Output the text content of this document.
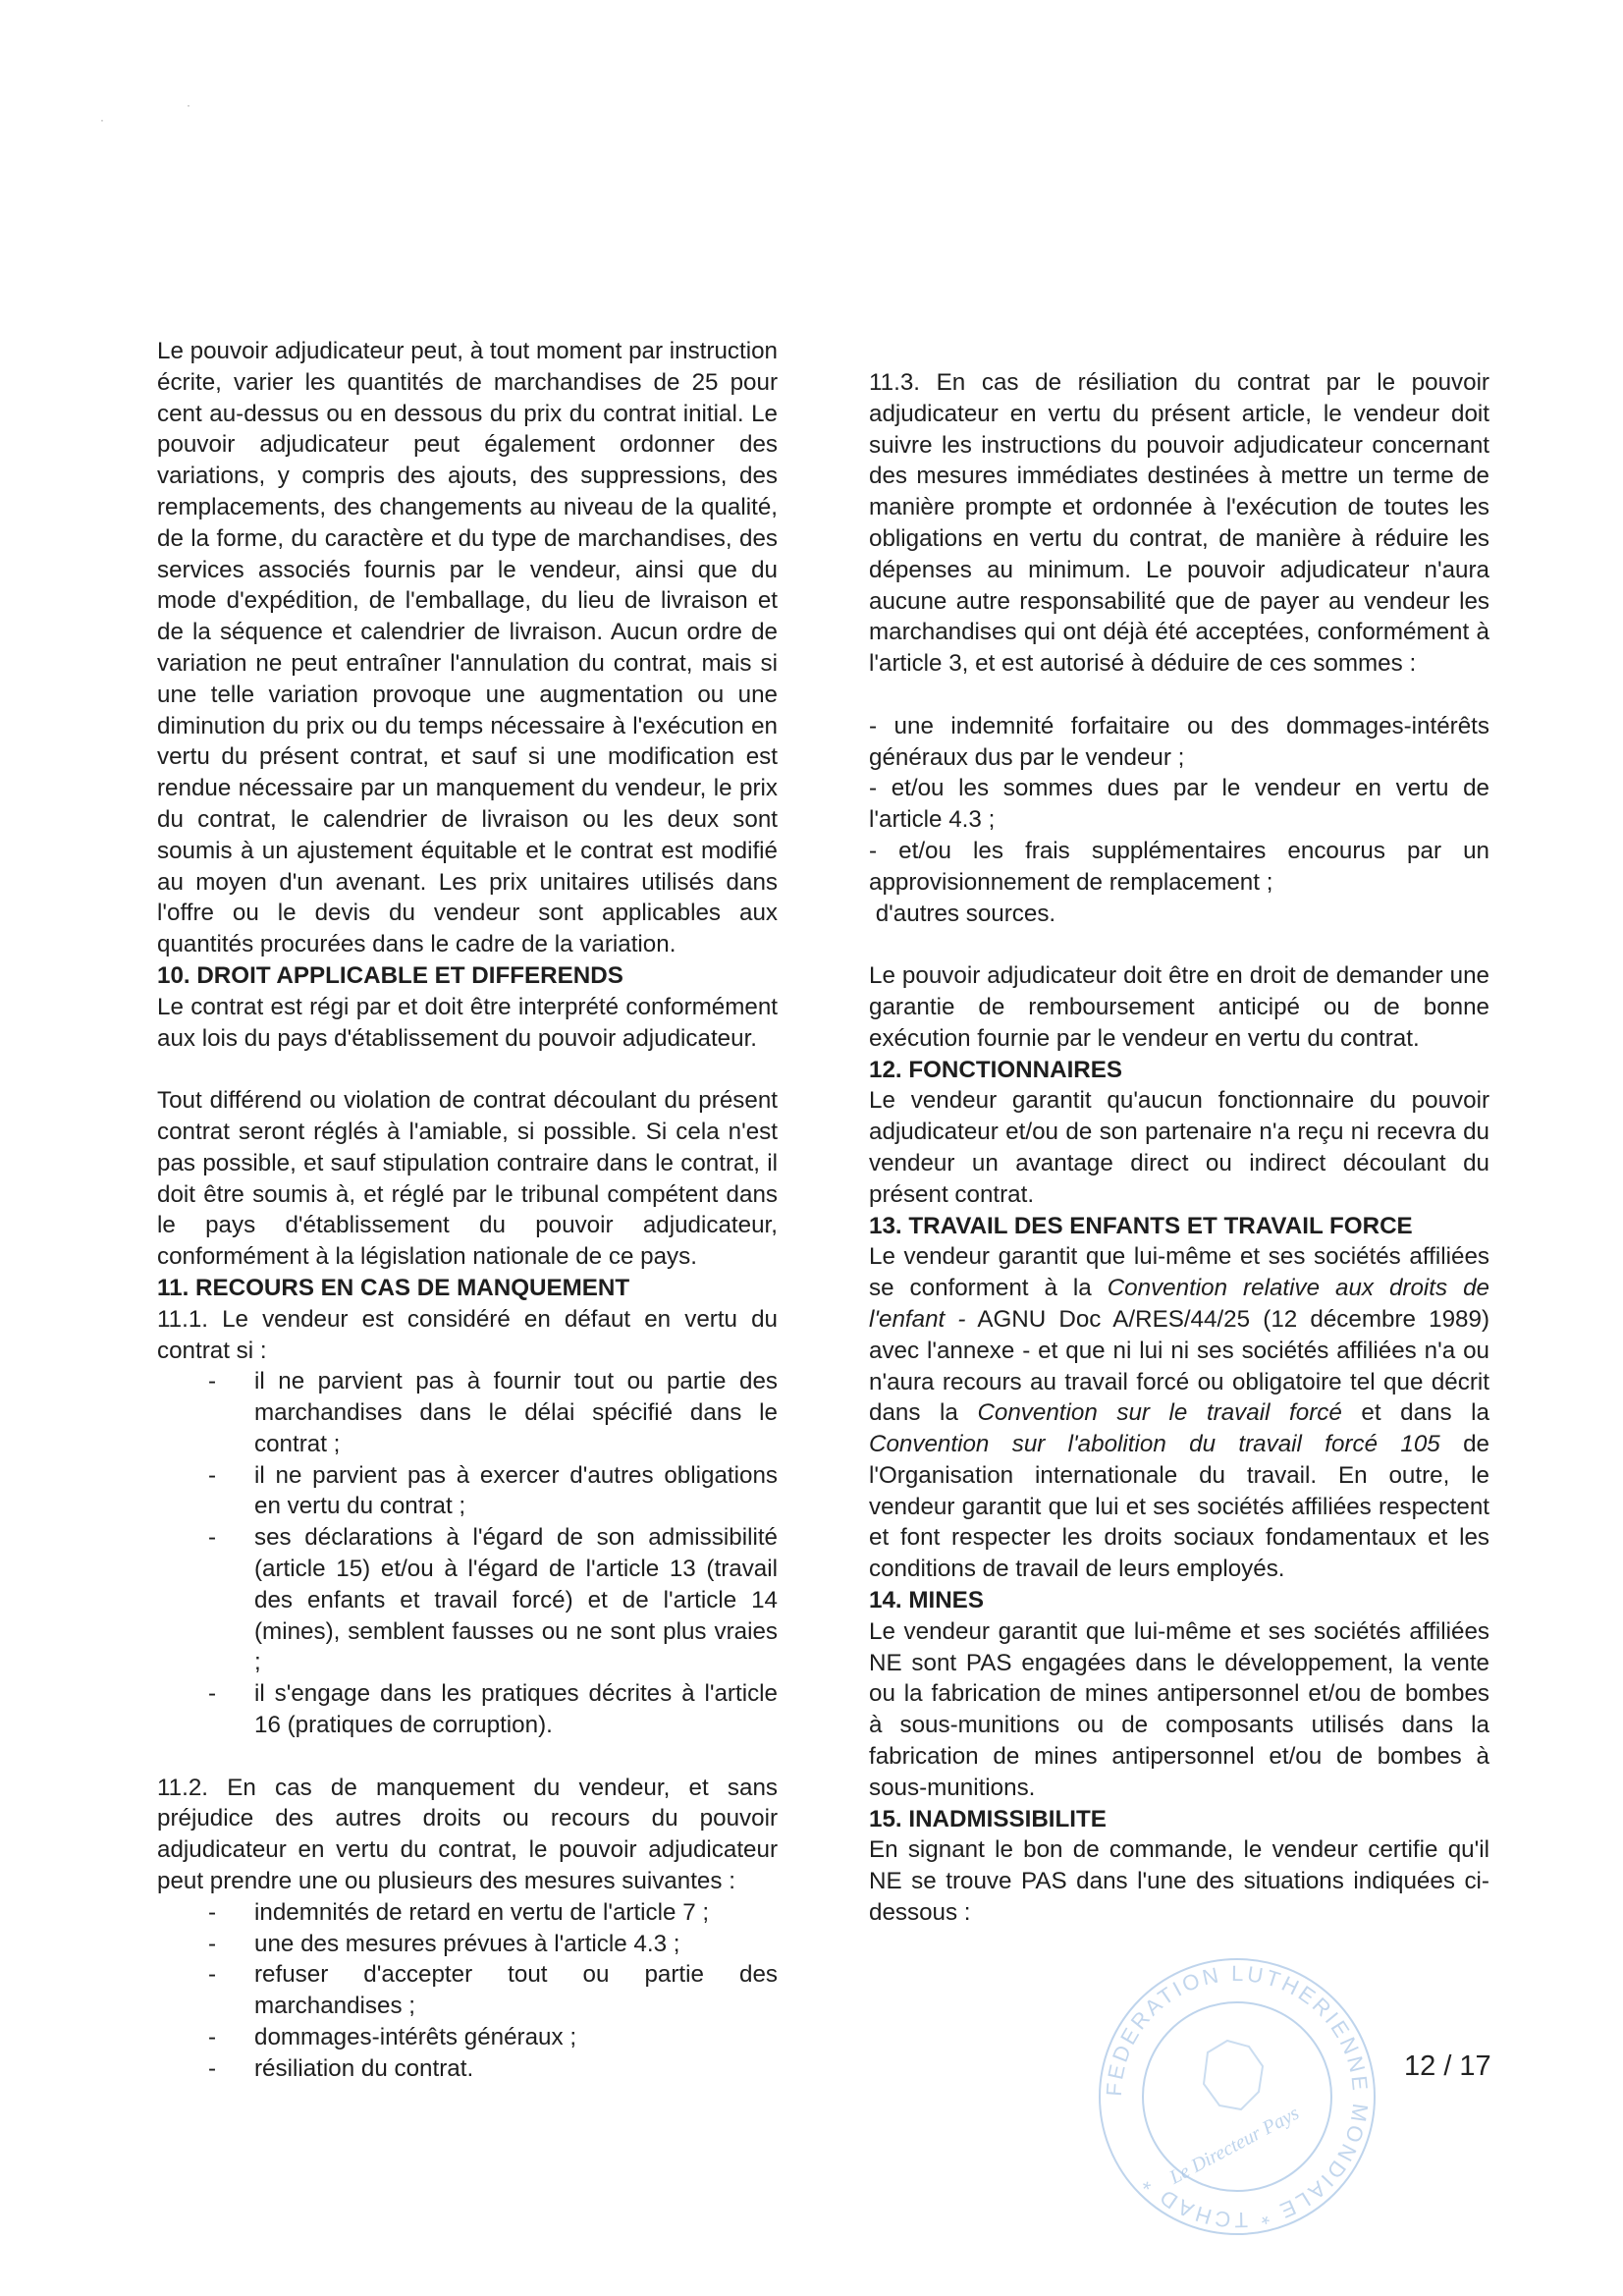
·
·

Le pouvoir adjudicateur peut, à tout moment par instruction écrite, varier les quantités de marchandises de 25 pour cent au-dessus ou en dessous du prix du contrat initial. Le pouvoir adjudicateur peut également ordonner des variations, y compris des ajouts, des suppressions, des remplacements, des changements au niveau de la qualité, de la forme, du caractère et du type de marchandises, des services associés fournis par le vendeur, ainsi que du mode d'expédition, de l'emballage, du lieu de livraison et de la séquence et calendrier de livraison. Aucun ordre de variation ne peut entraîner l'annulation du contrat, mais si une telle variation provoque une augmentation ou une diminution du prix ou du temps nécessaire à l'exécution en vertu du présent contrat, et sauf si une modification est rendue nécessaire par un manquement du vendeur, le prix du contrat, le calendrier de livraison ou les deux sont soumis à un ajustement équitable et le contrat est modifié au moyen d'un avenant. Les prix unitaires utilisés dans l'offre ou le devis du vendeur sont applicables aux quantités procurées dans le cadre de la variation.

10. DROIT APPLICABLE ET DIFFERENDS

Le contrat est régi par et doit être interprété conformément aux lois du pays d'établissement du pouvoir adjudicateur.

Tout différend ou violation de contrat découlant du présent contrat seront réglés à l'amiable, si possible. Si cela n'est pas possible, et sauf stipulation contraire dans le contrat, il doit être soumis à, et réglé par le tribunal compétent dans le pays d'établissement du pouvoir adjudicateur, conformément à la législation nationale de ce pays.

11. RECOURS EN CAS DE MANQUEMENT

11.1. Le vendeur est considéré en défaut en vertu du contrat si :

- il ne parvient pas à fournir tout ou partie des marchandises dans le délai spécifié dans le contrat ;
- il ne parvient pas à exercer d'autres obligations en vertu du contrat ;
- ses déclarations à l'égard de son admissibilité (article 15) et/ou à l'égard de l'article 13 (travail des enfants et travail forcé) et de l'article 14 (mines), semblent fausses ou ne sont plus vraies ;
- il s'engage dans les pratiques décrites à l'article 16 (pratiques de corruption).

11.2. En cas de manquement du vendeur, et sans préjudice des autres droits ou recours du pouvoir adjudicateur en vertu du contrat, le pouvoir adjudicateur peut prendre une ou plusieurs des mesures suivantes :

- indemnités de retard en vertu de l'article 7 ;
- une des mesures prévues à l'article 4.3 ;
- refuser d'accepter tout ou partie des marchandises ;
- dommages-intérêts généraux ;
- résiliation du contrat.

11.3. En cas de résiliation du contrat par le pouvoir adjudicateur en vertu du présent article, le vendeur doit suivre les instructions du pouvoir adjudicateur concernant des mesures immédiates destinées à mettre un terme de manière prompte et ordonnée à l'exécution de toutes les obligations en vertu du contrat, de manière à réduire les dépenses au minimum. Le pouvoir adjudicateur n'aura aucune autre responsabilité que de payer au vendeur les marchandises qui ont déjà été acceptées, conformément à l'article 3, et est autorisé à déduire de ces sommes :

- une indemnité forfaitaire ou des dommages-intérêts généraux dus par le vendeur ;

- et/ou les sommes dues par le vendeur en vertu de l'article 4.3 ;

- et/ou les frais supplémentaires encourus par un approvisionnement de remplacement ;

d'autres sources.

Le pouvoir adjudicateur doit être en droit de demander une garantie de remboursement anticipé ou de bonne exécution fournie par le vendeur en vertu du contrat.

12. FONCTIONNAIRES

Le vendeur garantit qu'aucun fonctionnaire du pouvoir adjudicateur et/ou de son partenaire n'a reçu ni recevra du vendeur un avantage direct ou indirect découlant du présent contrat.

13. TRAVAIL DES ENFANTS ET TRAVAIL FORCE

Le vendeur garantit que lui-même et ses sociétés affiliées se conforment à la Convention relative aux droits de l'enfant - AGNU Doc A/RES/44/25 (12 décembre 1989) avec l'annexe - et que ni lui ni ses sociétés affiliées n'a ou n'aura recours au travail forcé ou obligatoire tel que décrit dans la Convention sur le travail forcé et dans la Convention sur l'abolition du travail forcé 105 de l'Organisation internationale du travail. En outre, le vendeur garantit que lui et ses sociétés affiliées respectent et font respecter les droits sociaux fondamentaux et les conditions de travail de leurs employés.

14. MINES

Le vendeur garantit que lui-même et ses sociétés affiliées NE sont PAS engagées dans le développement, la vente ou la fabrication de mines antipersonnel et/ou de bombes à sous-munitions ou de composants utilisés dans la fabrication de mines antipersonnel et/ou de bombes à sous-munitions.

15. INADMISSIBILITE

En signant le bon de commande, le vendeur certifie qu'il NE se trouve PAS dans l'une des situations indiquées ci-dessous :

FEDERATION LUTHERIENNE MONDIALE * TCHAD * Le Directeur Pays
12 / 17
